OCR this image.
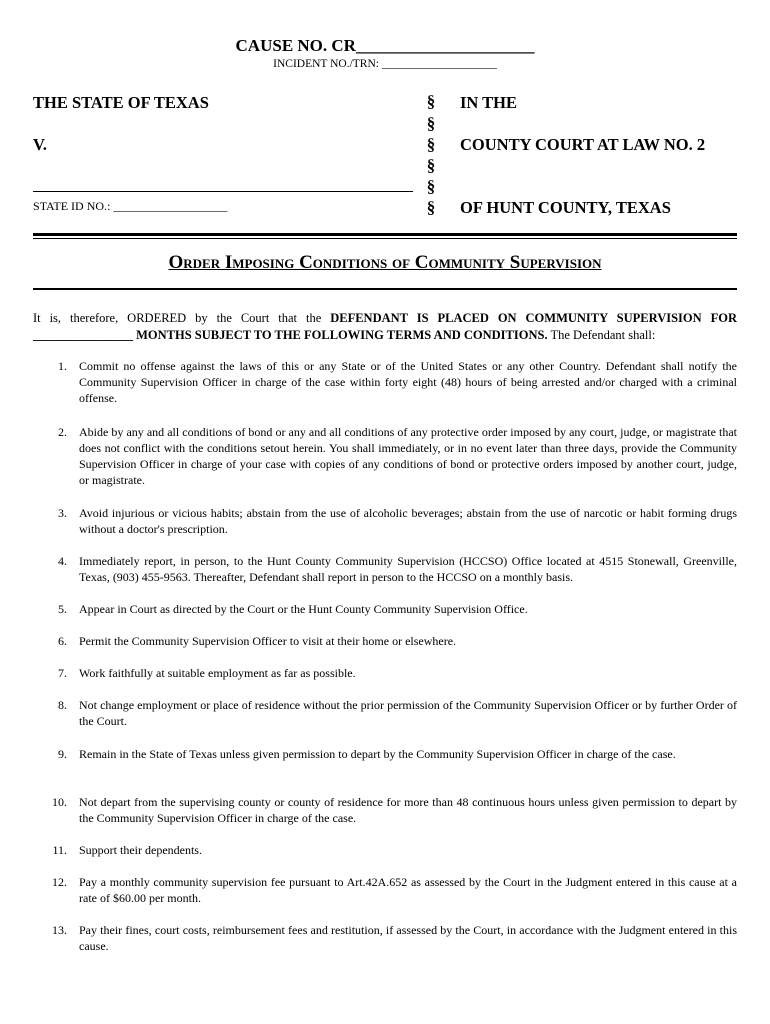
CAUSE NO. CR_____________________
INCIDENT NO./TRN: ____________________
THE STATE OF TEXAS
V.
STATE ID NO.: ___________________
§
§
§
§
§
§
IN THE
COUNTY COURT AT LAW NO. 2
OF HUNT COUNTY, TEXAS
Order Imposing Conditions of Community Supervision
It is, therefore, ORDERED by the Court that the DEFENDANT IS PLACED ON COMMUNITY SUPERVISION FOR ________________ MONTHS SUBJECT TO THE FOLLOWING TERMS AND CONDITIONS. The Defendant shall:
1. Commit no offense against the laws of this or any State or of the United States or any other Country. Defendant shall notify the Community Supervision Officer in charge of the case within forty eight (48) hours of being arrested and/or charged with a criminal offense.
2. Abide by any and all conditions of bond or any and all conditions of any protective order imposed by any court, judge, or magistrate that does not conflict with the conditions setout herein. You shall immediately, or in no event later than three days, provide the Community Supervision Officer in charge of your case with copies of any conditions of bond or protective orders imposed by another court, judge, or magistrate.
3. Avoid injurious or vicious habits; abstain from the use of alcoholic beverages; abstain from the use of narcotic or habit forming drugs without a doctor's prescription.
4. Immediately report, in person, to the Hunt County Community Supervision (HCCSO) Office located at 4515 Stonewall, Greenville, Texas, (903) 455-9563. Thereafter, Defendant shall report in person to the HCCSO on a monthly basis.
5. Appear in Court as directed by the Court or the Hunt County Community Supervision Office.
6. Permit the Community Supervision Officer to visit at their home or elsewhere.
7. Work faithfully at suitable employment as far as possible.
8. Not change employment or place of residence without the prior permission of the Community Supervision Officer or by further Order of the Court.
9. Remain in the State of Texas unless given permission to depart by the Community Supervision Officer in charge of the case.
10. Not depart from the supervising county or county of residence for more than 48 continuous hours unless given permission to depart by the Community Supervision Officer in charge of the case.
11. Support their dependents.
12. Pay a monthly community supervision fee pursuant to Art.42A.652 as assessed by the Court in the Judgment entered in this cause at a rate of $60.00 per month.
13. Pay their fines, court costs, reimbursement fees and restitution, if assessed by the Court, in accordance with the Judgment entered in this cause.
